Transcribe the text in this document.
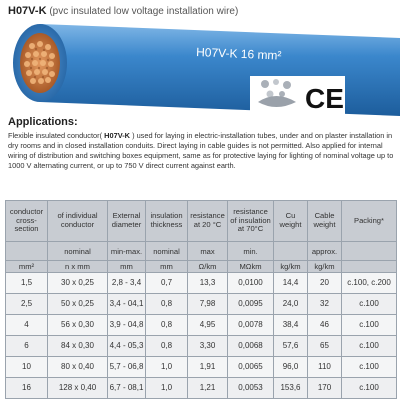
H07V-K (pvc insulated low voltage installation wire)
H07V-K 16 mm²
CE
Applications:
Flexible insulated conductor( H07V-K ) used for laying in electric-installation tubes, under and on plaster installation in dry rooms and in closed installation conduits. Direct laying in cable guides is not permitted. Also applied for internal wiring of distribution and switching boxes equipment, same as for protective laying for lighting of nominal voltage up to 1000 V alternating current, or up to 750 V direct current against earth.
conductor cross-section	of individual conductor	External diameter	insulation thickness	resistance at 20 °C	resistance of insulation at 70°C	Cu weight	Cable weight	Packing*
	nominal	min-max.	nominal	max	min.		approx.	
mm²	n x mm	mm	mm	Ω/km	MΩkm	kg/km	kg/km	
1,5	30 x 0,25	2,8 - 3,4	0,7	13,3	0,0100	14,4	20	c.100, c.200
2,5	50 x 0,25	3,4 - 04,1	0,8	7,98	0,0095	24,0	32	c.100
4	56 x 0,30	3,9 - 04,8	0,8	4,95	0,0078	38,4	46	c.100
6	84 x 0,30	4,4 - 05,3	0,8	3,30	0,0068	57,6	65	c.100
10	80 x 0,40	5,7 - 06,8	1,0	1,91	0,0065	96,0	110	c.100
16	128 x 0,40	6,7 - 08,1	1,0	1,21	0,0053	153,6	170	c.100
